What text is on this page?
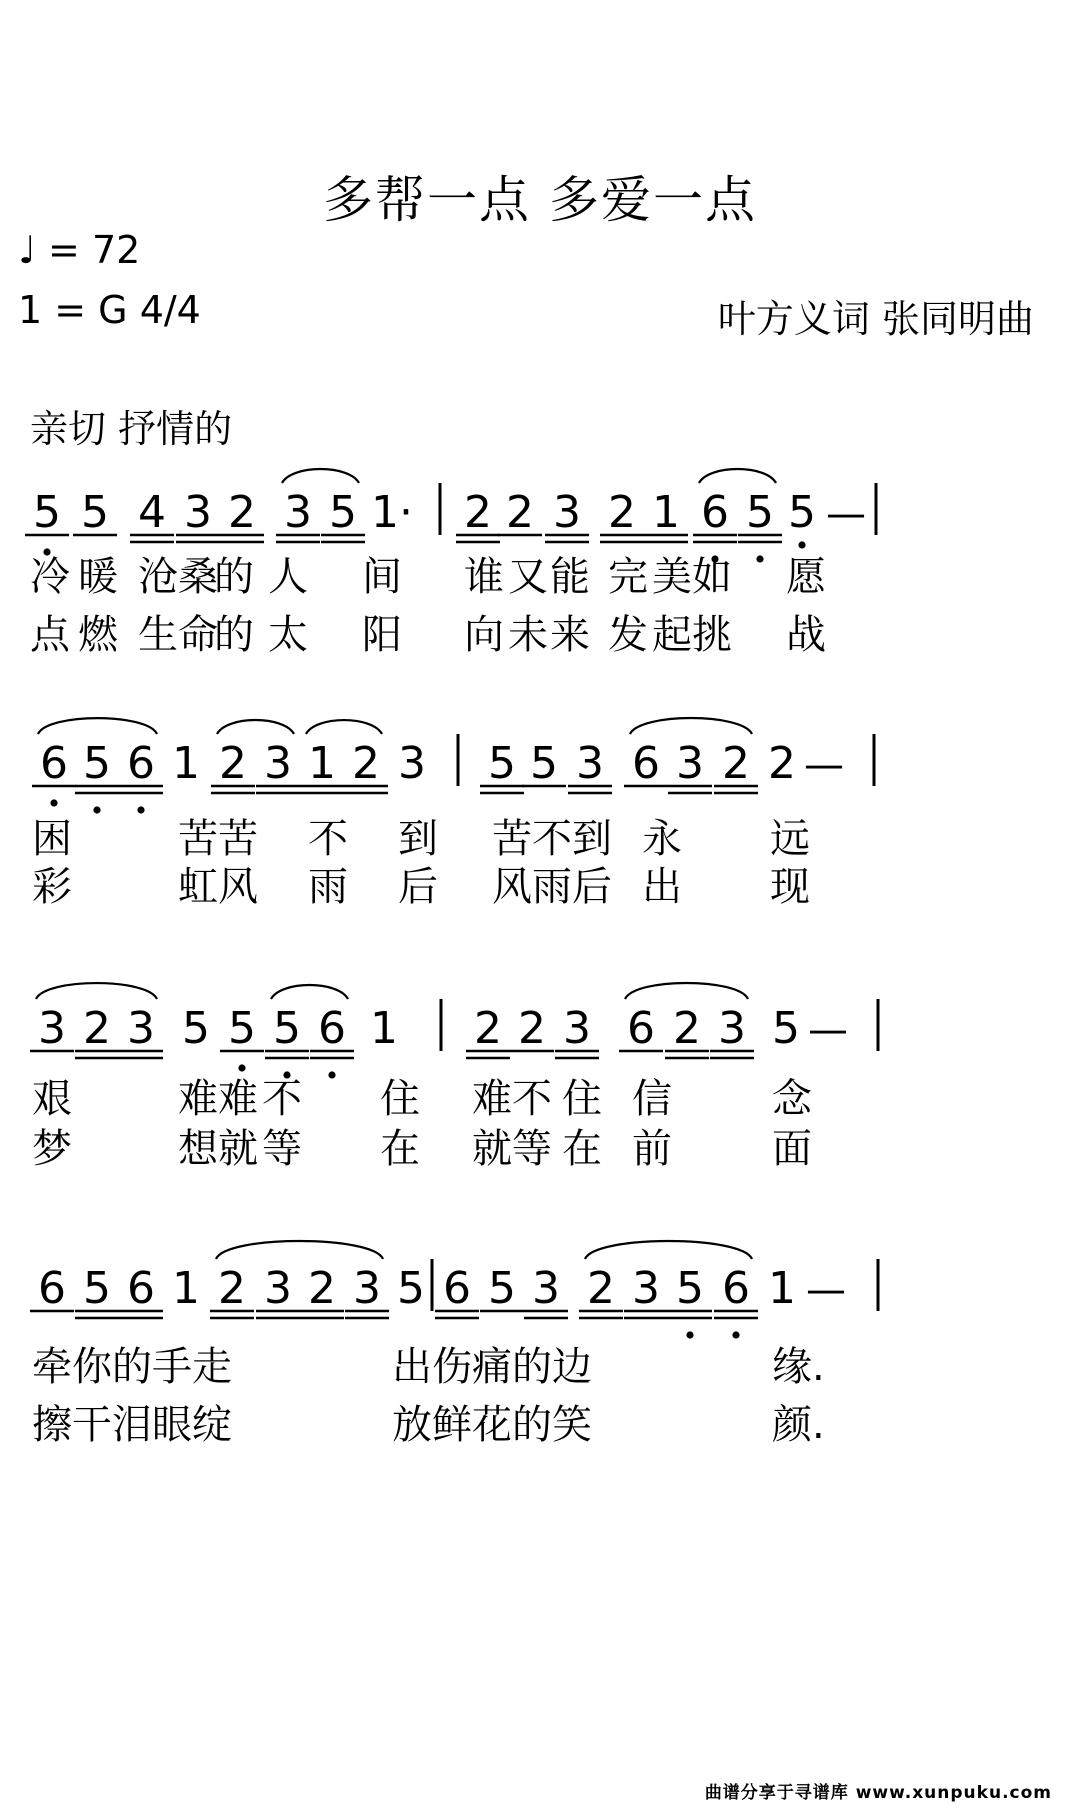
多帮一点 多爱一点
♩ = 72
1 = G 4/4	叶方义词 张同明曲
亲切 抒情的
5 5 4 3 2 3 5 1· 2 2 3 2 1 6 5 5 —
冷 暖 沧 桑
的 人 间 谁 又 能 完 美 如 愿
点 燃 生 命
的 太 阳 向 未 来 发 起 挑 战
6 5 6 1 2 3 1 2 3 5 5 3 6 3 2 2 —
困	苦 苦 不 到 苦 不 到 永 远
彩	虹 风 雨 后 风 雨 后 出 现
3 2 3 5 5 5 6 1 2 2 3 6 2 3 5 —
艰	难 难 不 住 难 不 住 信	念
梦	想 就 等 在 就 等 在 前	面
6 5 6 1 2 3 2 3 5 6 5 3 2 3 5 6 1 —
牵 你 的 手 走	出 伤 痛 的 边	缘.
擦 干 泪 眼 绽	放 鲜 花 的 笑	颜.
曲谱分享于寻谱库 www.xunpuku.com
